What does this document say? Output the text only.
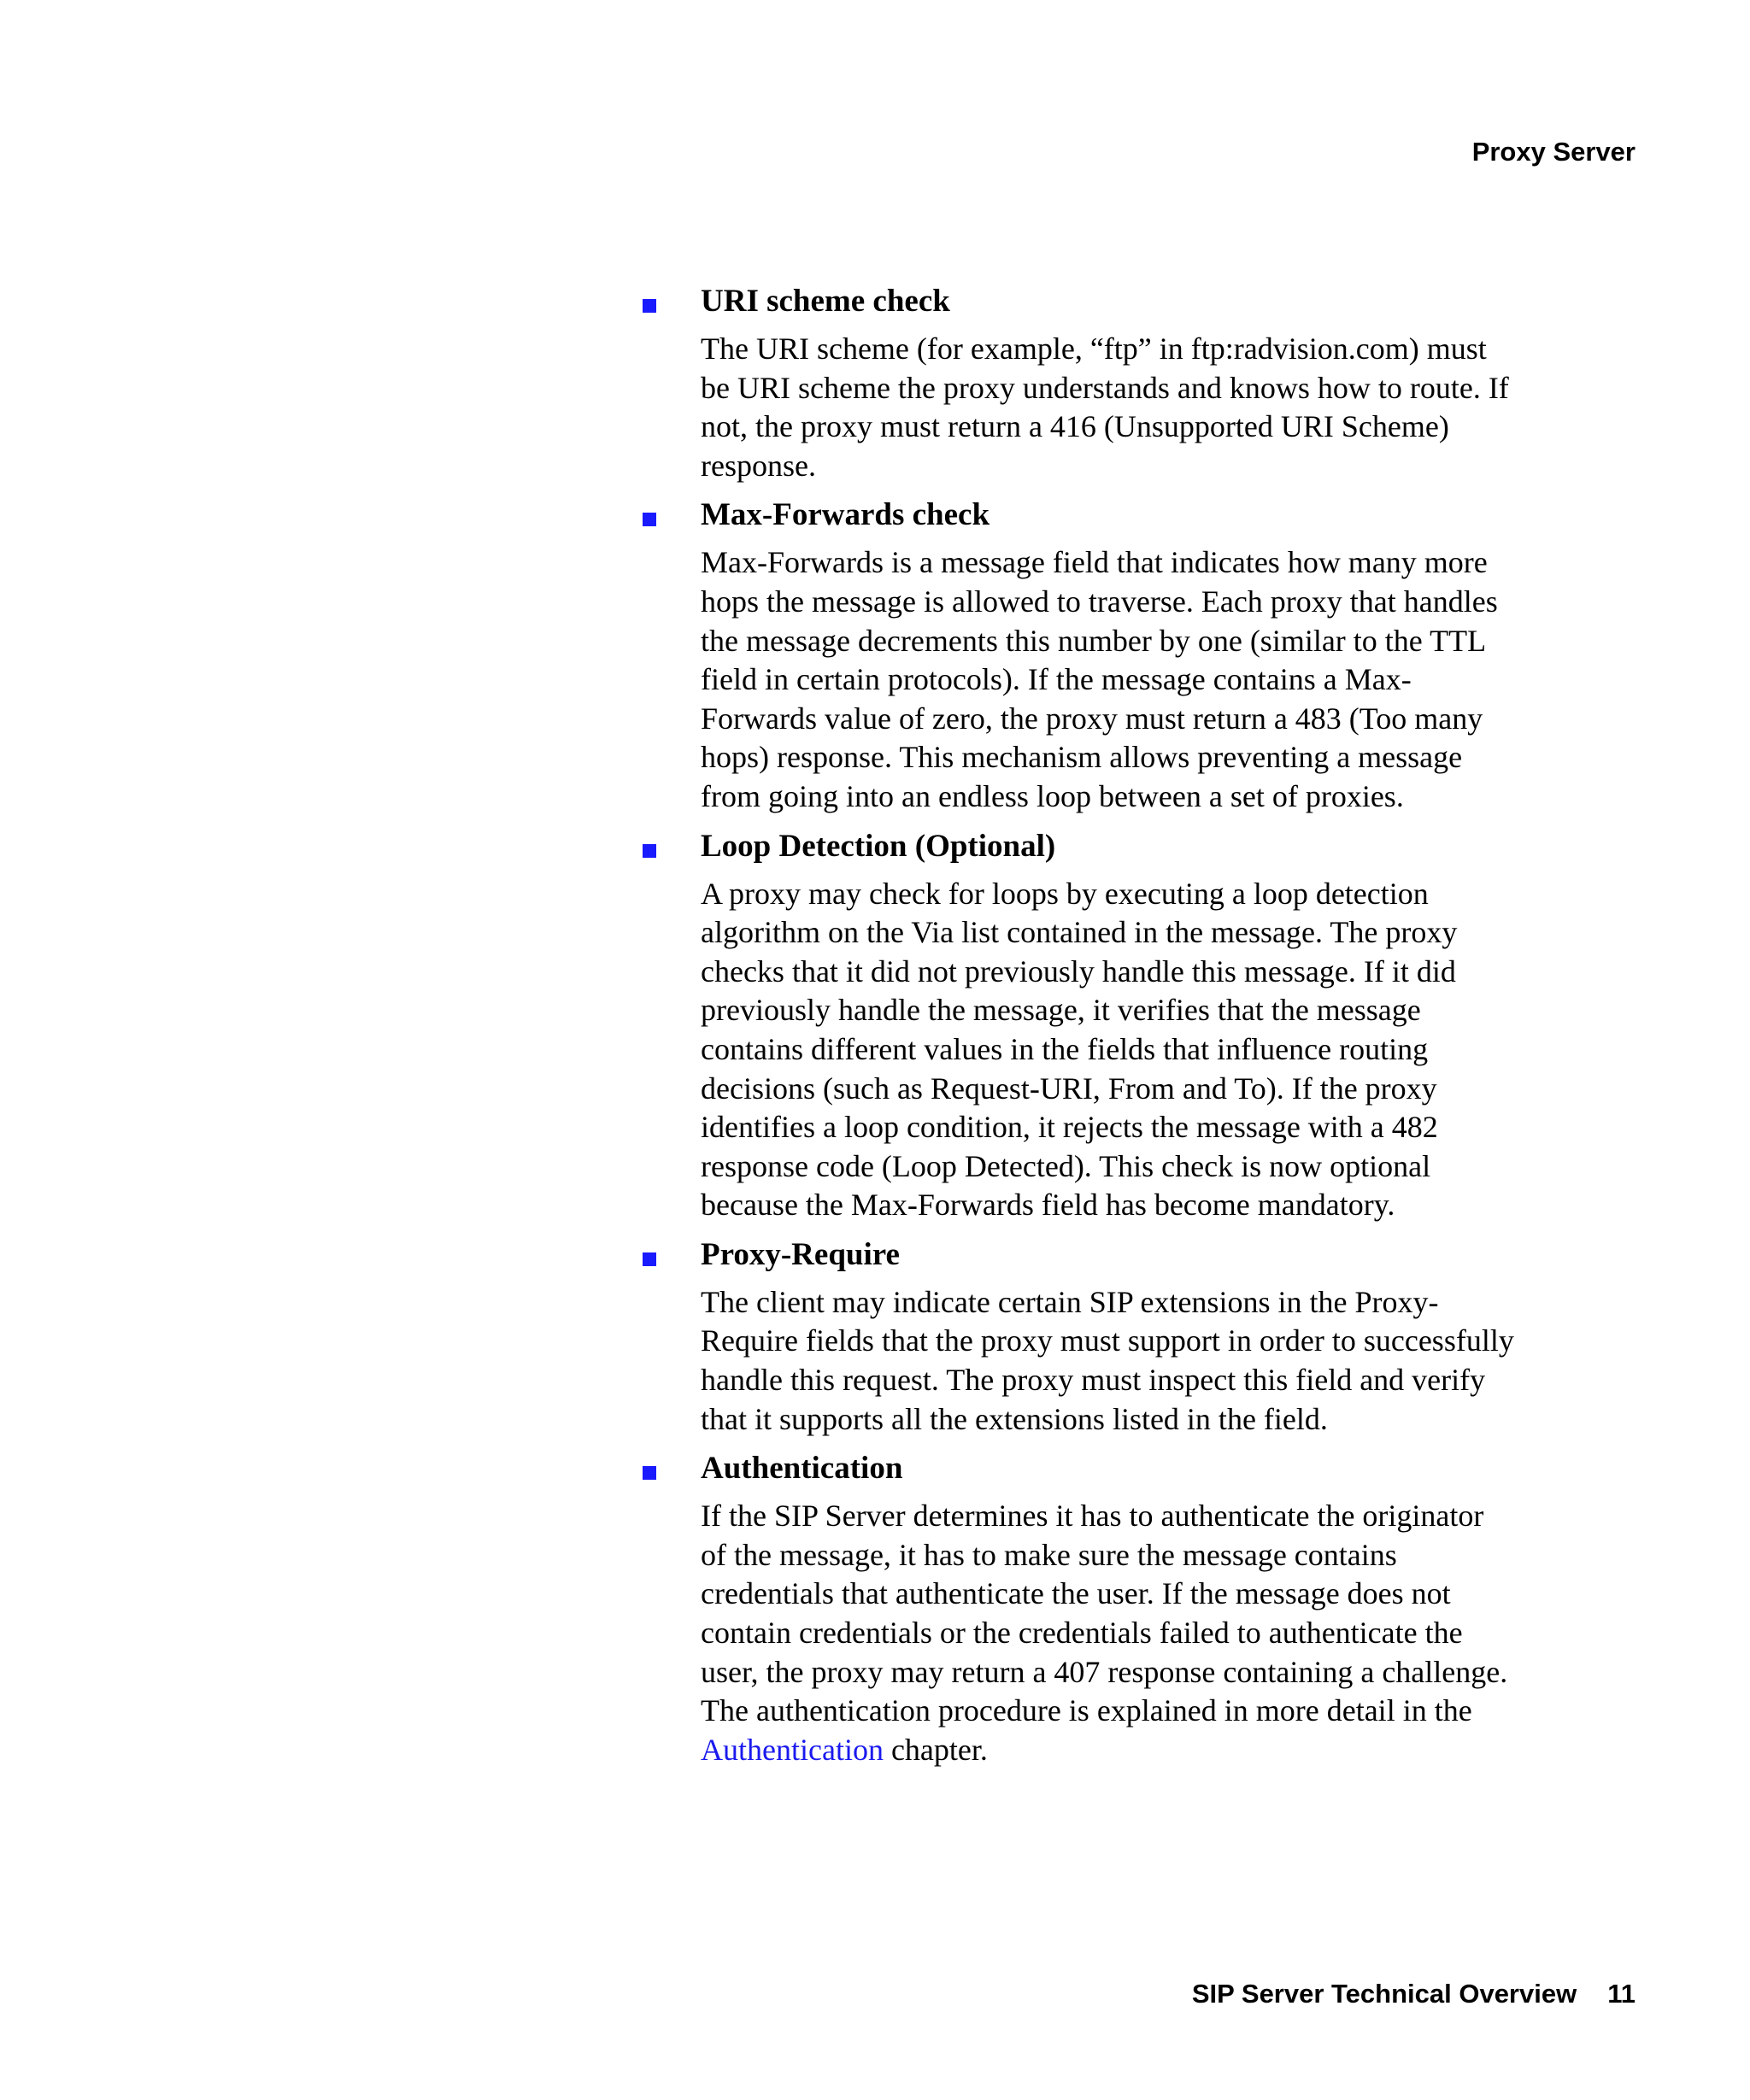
Proxy Server

URI scheme check

The URI scheme (for example, “ftp” in ftp:radvision.com) must be URI scheme the proxy understands and knows how to route. If not, the proxy must return a 416 (Unsupported URI Scheme) response.

Max-Forwards check

Max-Forwards is a message field that indicates how many more hops the message is allowed to traverse. Each proxy that handles the message decrements this number by one (similar to the TTL field in certain protocols). If the message contains a Max-Forwards value of zero, the proxy must return a 483 (Too many hops) response. This mechanism allows preventing a message from going into an endless loop between a set of proxies.

Loop Detection (Optional)

A proxy may check for loops by executing a loop detection algorithm on the Via list contained in the message. The proxy checks that it did not previously handle this message. If it did previously handle the message, it verifies that the message contains different values in the fields that influence routing decisions (such as Request-URI, From and To). If the proxy identifies a loop condition, it rejects the message with a 482 response code (Loop Detected). This check is now optional because the Max-Forwards field has become mandatory.

Proxy-Require

The client may indicate certain SIP extensions in the Proxy-Require fields that the proxy must support in order to successfully handle this request. The proxy must inspect this field and verify that it supports all the extensions listed in the field.

Authentication

If the SIP Server determines it has to authenticate the originator of the message, it has to make sure the message contains credentials that authenticate the user. If the message does not contain credentials or the credentials failed to authenticate the user, the proxy may return a 407 response containing a challenge. The authentication procedure is explained in more detail in the Authentication chapter.

SIP Server Technical Overview 11
